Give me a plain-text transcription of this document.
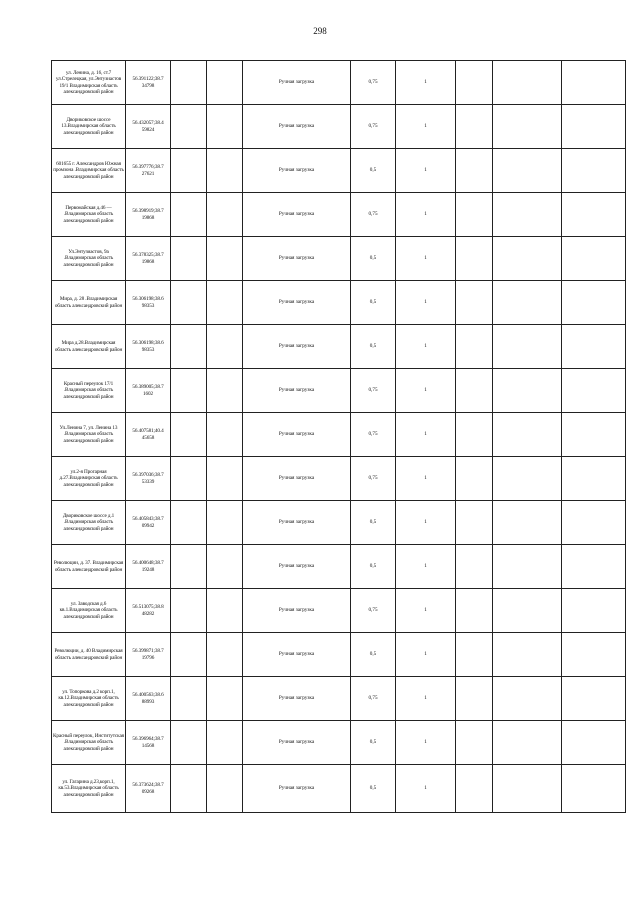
298
ул. Ленина, д. 16, ст.7 ул.Стрелецкая, ул.Энтузиастов 19/1 Владимирская область александровский район	56.391122;38.7 34798			Ручная загрузка	0,75	1			
Двориковское шоссе 13.Владимирская область александровский район	56.432057;38.4 59824			Ручная загрузка	0,75	1			
601655 г. Александров Южная промзона .Владимирская область александровский район	56.397776;38.7 27621			Ручная загрузка	0,5	1			
Первомайская д.46 — .Владимирская область александровский район	56.398919;38.7 19868			Ручная загрузка	0,75	1			
Ул.Энтузиастов, 9а .Владимирская область александровский район	56.378325;38.7 19868			Ручная загрузка	0,5	1			
Мира, д. 28 .Владимирская область александровский район	56.306198;38.6 98353			Ручная загрузка	0,5	1			
Мира д.28.Владимирская область александровский район	56.306198;38.6 98353			Ручная загрузка	0,5	1			
Красный переулок 17/1 .Владимирская область александровский район	56.389005;38.7 1602			Ручная загрузка	0,75	1			
Ул.Ленина 7, ул. Ленина 13 .Владимирская область александровский район	56.407581;40.4 45658			Ручная загрузка	0,75	1			
ул.2-я Прогарная д.27.Владимирская область александровский район	56.397036;38.7 53339			Ручная загрузка	0,75	1			
Двориковское шоссе д.1 .Владимирская область александровский район	56.405843;38.7 09942			Ручная загрузка	0,5	1			
Революции, д. 37. Владимирская область александровский район	56.400648;38.7 19248			Ручная загрузка	0,5	1			
ул. Заводская д.6 кв.1.Владимирская область александровский район	56.513075;38.8 48282			Ручная загрузка	0,75	1			
Революции, д. 40 Владимирская область александровский район	56.399871;38.7 19796			Ручная загрузка	0,5	1			
ул. Топоркова д.2 корп.1, кв.12.Владимирская область александровский район	56.400563;38.6 88993			Ручная загрузка	0,75	1			
Красный переулок, Институтская .Владимирская область александровский район	56.396964;38.7 14568			Ручная загрузка	0,5	1			
ул. Гагарина д.23,корп.1, кв.53.Владимирская область александровский район	56.373624;38.7 09268			Ручная загрузка	0,5	1			
